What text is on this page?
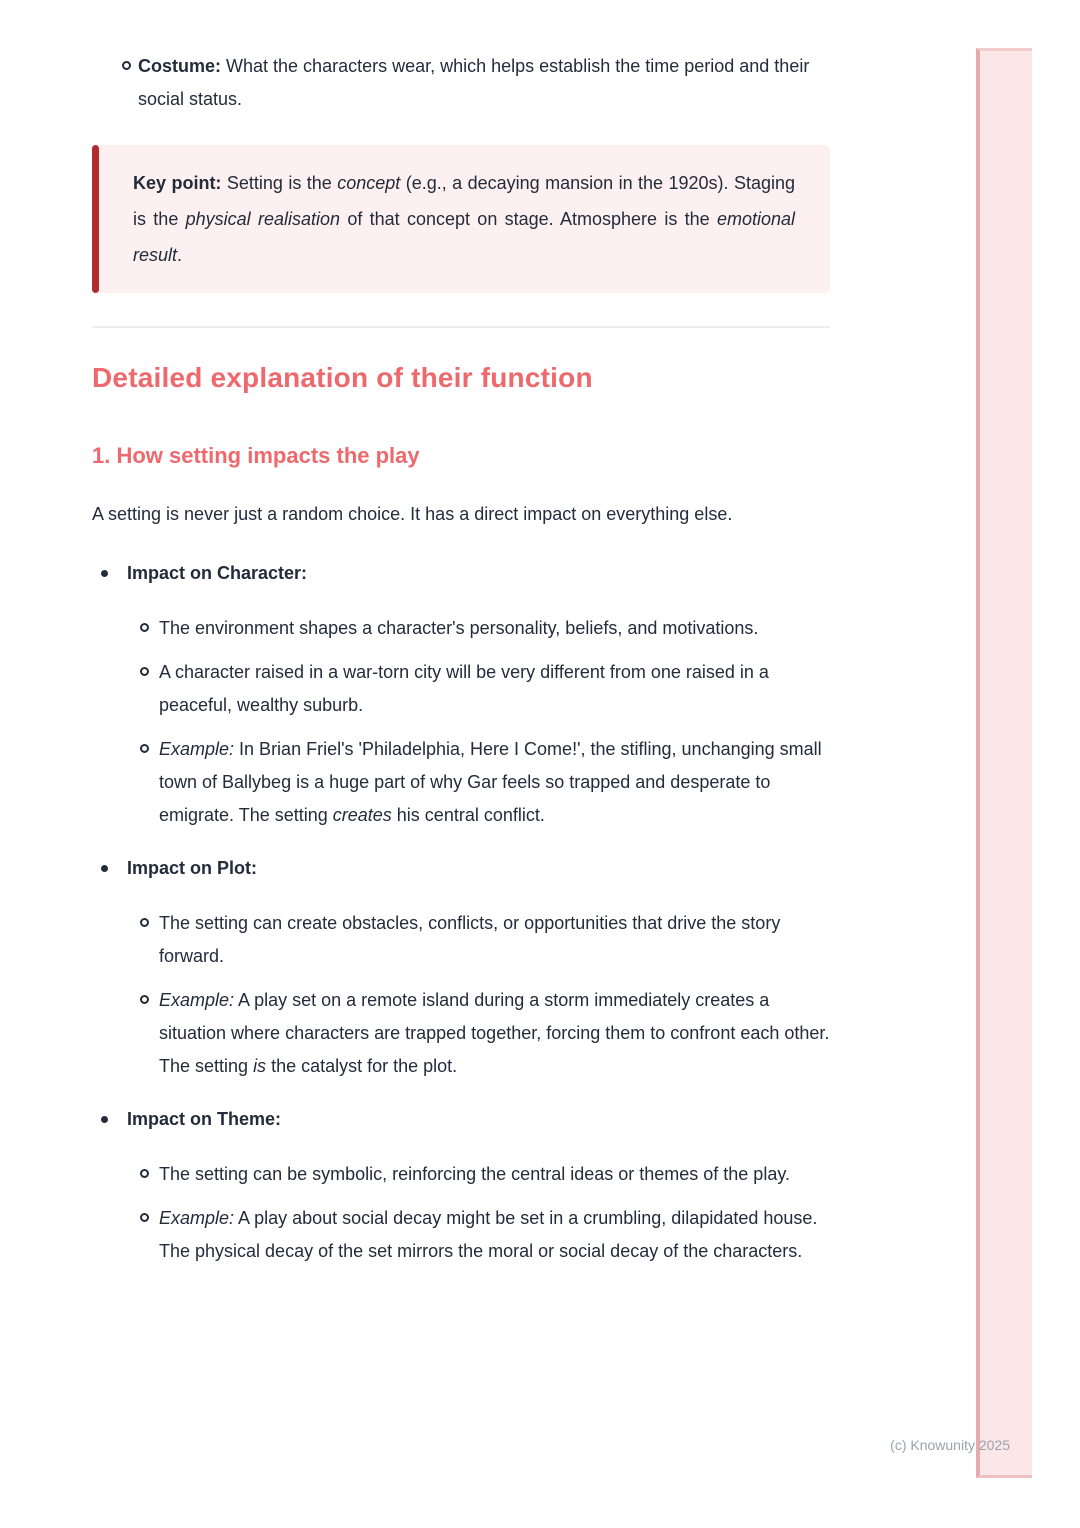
Costume: What the characters wear, which helps establish the time period and their social status.
Key point: Setting is the concept (e.g., a decaying mansion in the 1920s). Staging is the physical realisation of that concept on stage. Atmosphere is the emotional result.
Detailed explanation of their function
1. How setting impacts the play

A setting is never just a random choice. It has a direct impact on everything else.

Impact on Character:
The environment shapes a character's personality, beliefs, and motivations.
A character raised in a war-torn city will be very different from one raised in a peaceful, wealthy suburb.
Example: In Brian Friel's 'Philadelphia, Here I Come!', the stifling, unchanging small town of Ballybeg is a huge part of why Gar feels so trapped and desperate to emigrate. The setting creates his central conflict.
Impact on Plot:
The setting can create obstacles, conflicts, or opportunities that drive the story forward.
Example: A play set on a remote island during a storm immediately creates a situation where characters are trapped together, forcing them to confront each other. The setting is the catalyst for the plot.
Impact on Theme:
The setting can be symbolic, reinforcing the central ideas or themes of the play.
Example: A play about social decay might be set in a crumbling, dilapidated house. The physical decay of the set mirrors the moral or social decay of the characters.
(c) Knowunity 2025
